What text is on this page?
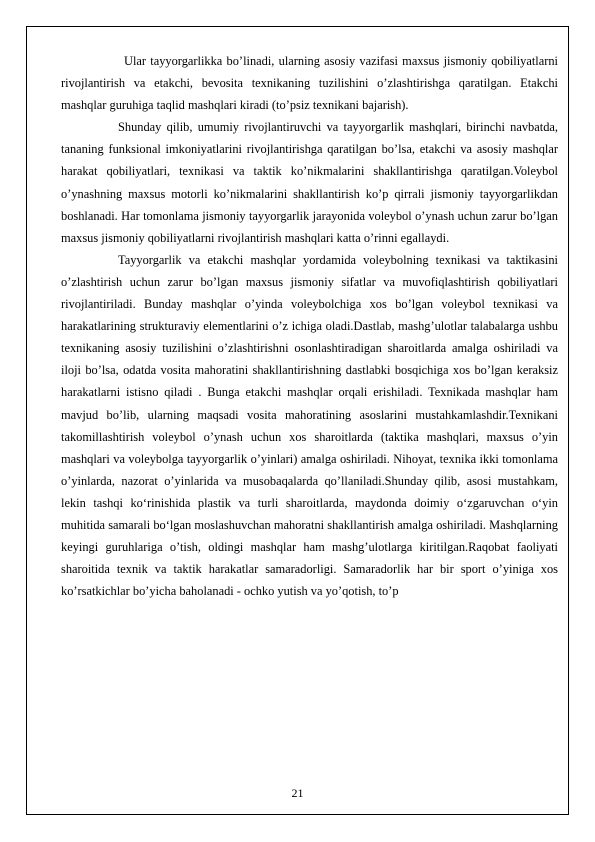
Ular tayyorgarlikka bo’linadi, ularning asosiy vazifasi maxsus jismoniy qobiliyatlarni rivojlantirish va etakchi, bevosita texnikaning tuzilishini o’zlashtirishga qaratilgan. Etakchi mashqlar guruhiga taqlid mashqlari kiradi (to’psiz texnikani bajarish).

Shunday qilib, umumiy rivojlantiruvchi va tayyorgarlik mashqlari, birinchi navbatda, tananing funksional imkoniyatlarini rivojlantirishga qaratilgan bo’lsa, etakchi va asosiy mashqlar harakat qobiliyatlari, texnikasi va taktik ko’nikmalarini shakllantirishga qaratilgan.Voleybol o’ynashning maxsus motorli ko’nikmalarini shakllantirish ko’p qirrali jismoniy tayyorgarlikdan boshlanadi. Har tomonlama jismoniy tayyorgarlik jarayonida voleybol o’ynash uchun zarur bo’lgan maxsus jismoniy qobiliyatlarni rivojlantirish mashqlari katta o’rinni egallaydi.

Tayyorgarlik va etakchi mashqlar yordamida voleybolning texnikasi va taktikasini o’zlashtirish uchun zarur bo’lgan maxsus jismoniy sifatlar va muvofiqlashtirish qobiliyatlari rivojlantiriladi. Bunday mashqlar o’yinda voleybolchiga xos bo’lgan voleybol texnikasi va harakatlarining strukturaviy elementlarini o’z ichiga oladi.Dastlab, mashg’ulotlar talabalarga ushbu texnikaning asosiy tuzilishini o’zlashtirishni osonlashtiradigan sharoitlarda amalga oshiriladi va iloji bo’lsa, odatda vosita mahoratini shakllantirishning dastlabki bosqichiga xos bo’lgan keraksiz harakatlarni istisno qiladi . Bunga etakchi mashqlar orqali erishiladi. Texnikada mashqlar ham mavjud bo’lib, ularning maqsadi vosita mahoratining asoslarini mustahkamlashdir.Texnikani takomillashtirish voleybol o’ynash uchun xos sharoitlarda (taktika mashqlari, maxsus o’yin mashqlari va voleybolga tayyorgarlik o’yinlari) amalga oshiriladi. Nihoyat, texnika ikki tomonlama o’yinlarda, nazorat o’yinlarida va musobaqalarda qo’llaniladi.Shunday qilib, asosi mustahkam, lekin tashqi ko‘rinishida plastik va turli sharoitlarda, maydonda doimiy o‘zgaruvchan o‘yin muhitida samarali bo‘lgan moslashuvchan mahoratni shakllantirish amalga oshiriladi. Mashqlarning keyingi guruhlariga o’tish, oldingi mashqlar ham mashg’ulotlarga kiritilgan.Raqobat faoliyati sharoitida texnik va taktik harakatlar samaradorligi. Samaradorlik har bir sport o’yiniga xos ko’rsatkichlar bo’yicha baholanadi - ochko yutish va yo’qotish, to’p

21
